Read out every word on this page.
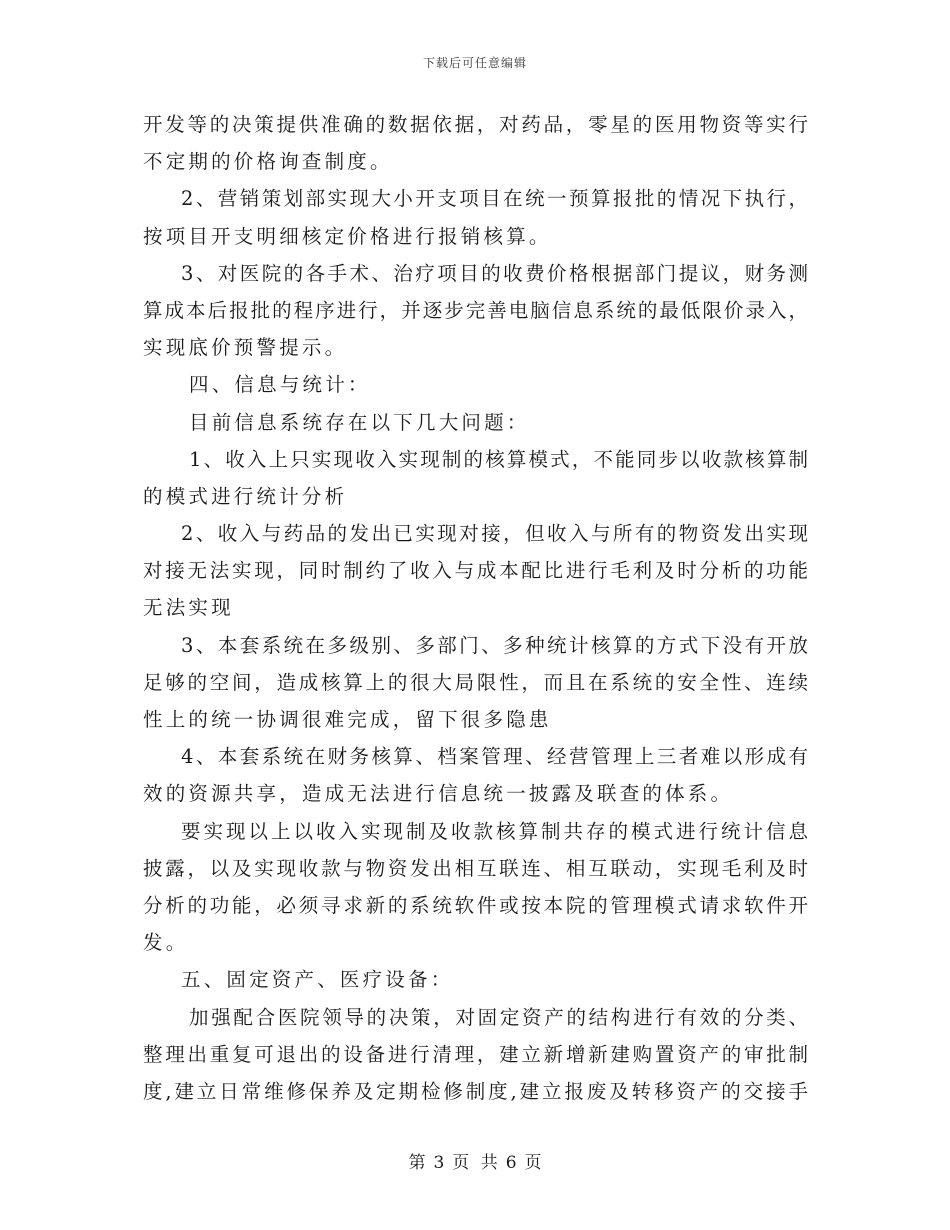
下载后可任意编辑
开发等的决策提供准确的数据依据，对药品，零星的医用物资等实行
不定期的价格询查制度。
2、营销策划部实现大小开支项目在统一预算报批的情况下执行，
按项目开支明细核定价格进行报销核算。
3、对医院的各手术、治疗项目的收费价格根据部门提议，财务测
算成本后报批的程序进行，并逐步完善电脑信息系统的最低限价录入，
实现底价预警提示。
四、信息与统计：
目前信息系统存在以下几大问题：
1、收入上只实现收入实现制的核算模式，不能同步以收款核算制
的模式进行统计分析
2、收入与药品的发出已实现对接，但收入与所有的物资发出实现
对接无法实现，同时制约了收入与成本配比进行毛利及时分析的功能
无法实现
3、本套系统在多级别、多部门、多种统计核算的方式下没有开放
足够的空间，造成核算上的很大局限性，而且在系统的安全性、连续
性上的统一协调很难完成，留下很多隐患
4、本套系统在财务核算、档案管理、经营管理上三者难以形成有
效的资源共享，造成无法进行信息统一披露及联查的体系。
要实现以上以收入实现制及收款核算制共存的模式进行统计信息
披露，以及实现收款与物资发出相互联连、相互联动，实现毛利及时
分析的功能，必须寻求新的系统软件或按本院的管理模式请求软件开
发。
五、固定资产、医疗设备：
加强配合医院领导的决策，对固定资产的结构进行有效的分类、
整理出重复可退出的设备进行清理，建立新增新建购置资产的审批制
度,建立日常维修保养及定期检修制度,建立报废及转移资产的交接手
第 3 页 共 6 页
